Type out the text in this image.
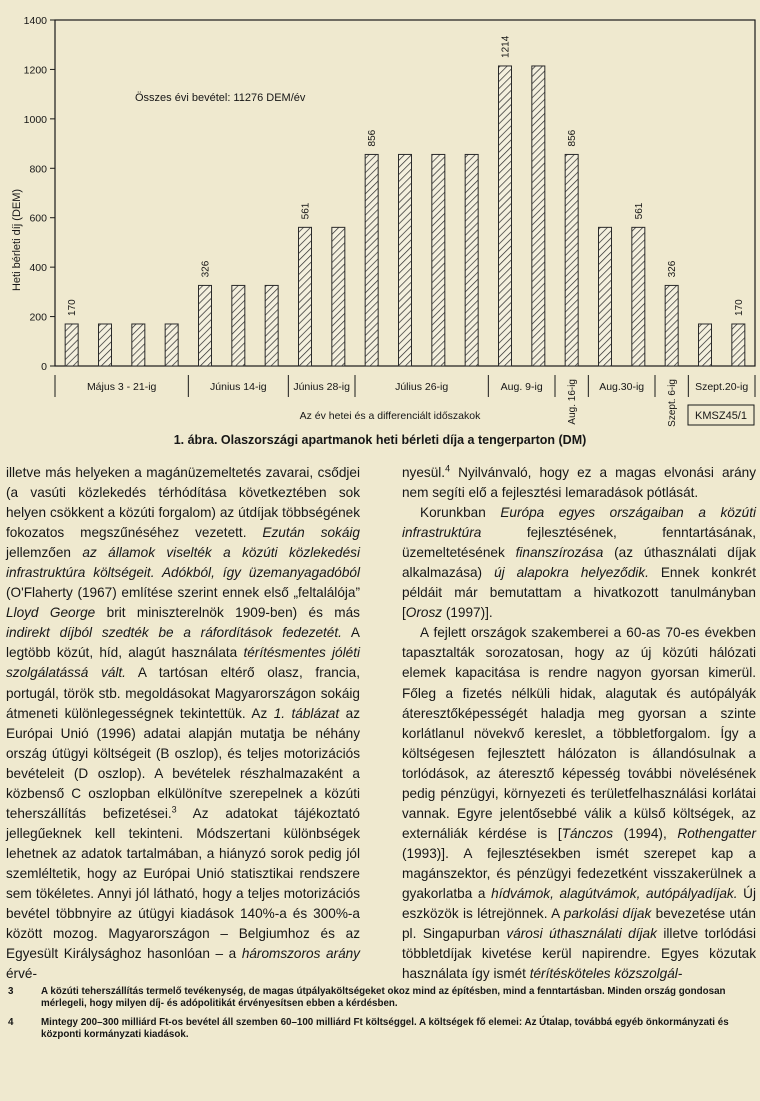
0
200
400
600
800
1000
1200
1400
170
326
561
856
1214
856
561
326
170
Május 3 - 21-ig	Június 14-ig	Június 28-ig	Július 26-ig	Aug. 9-ig Aug. 16-ig Aug.30-ig Szept. 6-ig Szept.20-ig
Heti bérleti díj (DEM)
Összes évi bevétel: 11276 DEM/év
Az év hetei és a differenciált időszakok	KMSZ45/1
1. ábra. Olaszországi apartmanok heti bérleti díja a tengerparton (DM)

illetve más helyeken a magánüzemeltetés zavarai, csődjei (a vasúti közlekedés térhódítása következtében sok helyen csökkent a közúti forgalom) az útdíjak többségének fokozatos megszűnéséhez vezetett. Ezután sokáig jellemzően az államok viselték a közúti közlekedési infrastruktúra költségeit. Adókból, így üzemanyagadóból (O'Flaherty (1967) említése szerint ennek első „feltalálója” Lloyd George brit miniszterelnök 1909-ben) és más indirekt díjból szedték be a ráfordítások fedezetét. A legtöbb közút, híd, alagút használata térítésmentes jóléti szolgálatássá vált. A tartósan eltérő olasz, francia, portugál, török stb. megoldásokat Magyarországon sokáig átmeneti különlegességnek tekintettük. Az 1. táblázat az Európai Unió (1996) adatai alapján mutatja be néhány ország útügyi költségeit (B oszlop), és teljes motorizációs bevételeit (D oszlop). A bevételek részhalmazaként a közbenső C oszlopban elkülönítve szerepelnek a közúti teherszállítás befizetései.$^3$ Az adatokat tájékoztató jellegűeknek kell tekinteni. Módszertani különbségek lehetnek az adatok tartalmában, a hiányzó sorok pedig jól szemléltetik, hogy az Európai Unió statisztikai rendszere sem tökéletes. Annyi jól látható, hogy a teljes motorizációs bevétel többnyire az útügyi kiadások 140%-a és 300%-a között mozog. Magyarországon – Belgiumhoz és az Egyesült Királysághoz hasonlóan – a háromszoros arány érvé-

nyesül.$^4$ Nyilvánvaló, hogy ez a magas elvonási arány nem segíti elő a fejlesztési lemaradások pótlását.

Korunkban Európa egyes országaiban a közúti infrastruktúra fejlesztésének, fenntartásának, üzemeltetésének finanszírozása (az úthasználati díjak alkalmazása) új alapokra helyeződik. Ennek konkrét példáit már bemutattam a hivatkozott tanulmányban [Orosz (1997)].

A fejlett országok szakemberei a 60-as 70-es években tapasztalták sorozatosan, hogy az új közúti hálózati elemek kapacitása is rendre nagyon gyorsan kimerül. Főleg a fizetés nélküli hidak, alagutak és autópályák áteresztőképességét haladja meg gyorsan a szinte korlátlanul növekvő kereslet, a többletforgalom. Így a költségesen fejlesztett hálózaton is állandósulnak a torlódások, az áteresztő képesség további növelésének pedig pénzügyi, környezeti és területfelhasználási korlátai vannak. Egyre jelentősebbé válik a külső költségek, az externáliák kérdése is [Tánczos (1994), Rothengatter (1993)]. A fejlesztésekben ismét szerepet kap a magánszektor, és pénzügyi fedezetként visszakerülnek a gyakorlatba a hídvámok, alagútvámok, autópályadíjak. Új eszközök is létrejönnek. A parkolási díjak bevezetése után pl. Singapurban városi úthasználati díjak illetve torlódási többletdíjak kivetése kerül napirendre. Egyes közutak használata így ismét térítésköteles közszolgál-

3	A közúti teherszállítás termelő tevékenység, de magas útpályaköltségeket okoz mind az építésben, mind a fenntartásban. Minden ország gondosan mérlegeli, hogy milyen díj- és adópolitikát érvényesítsen ebben a kérdésben.
4	Mintegy 200–300 milliárd Ft-os bevétel áll szemben 60–100 milliárd Ft költséggel. A költségek fő elemei: Az Útalap, továbbá egyéb önkormányzati és központi kormányzati kiadások.
